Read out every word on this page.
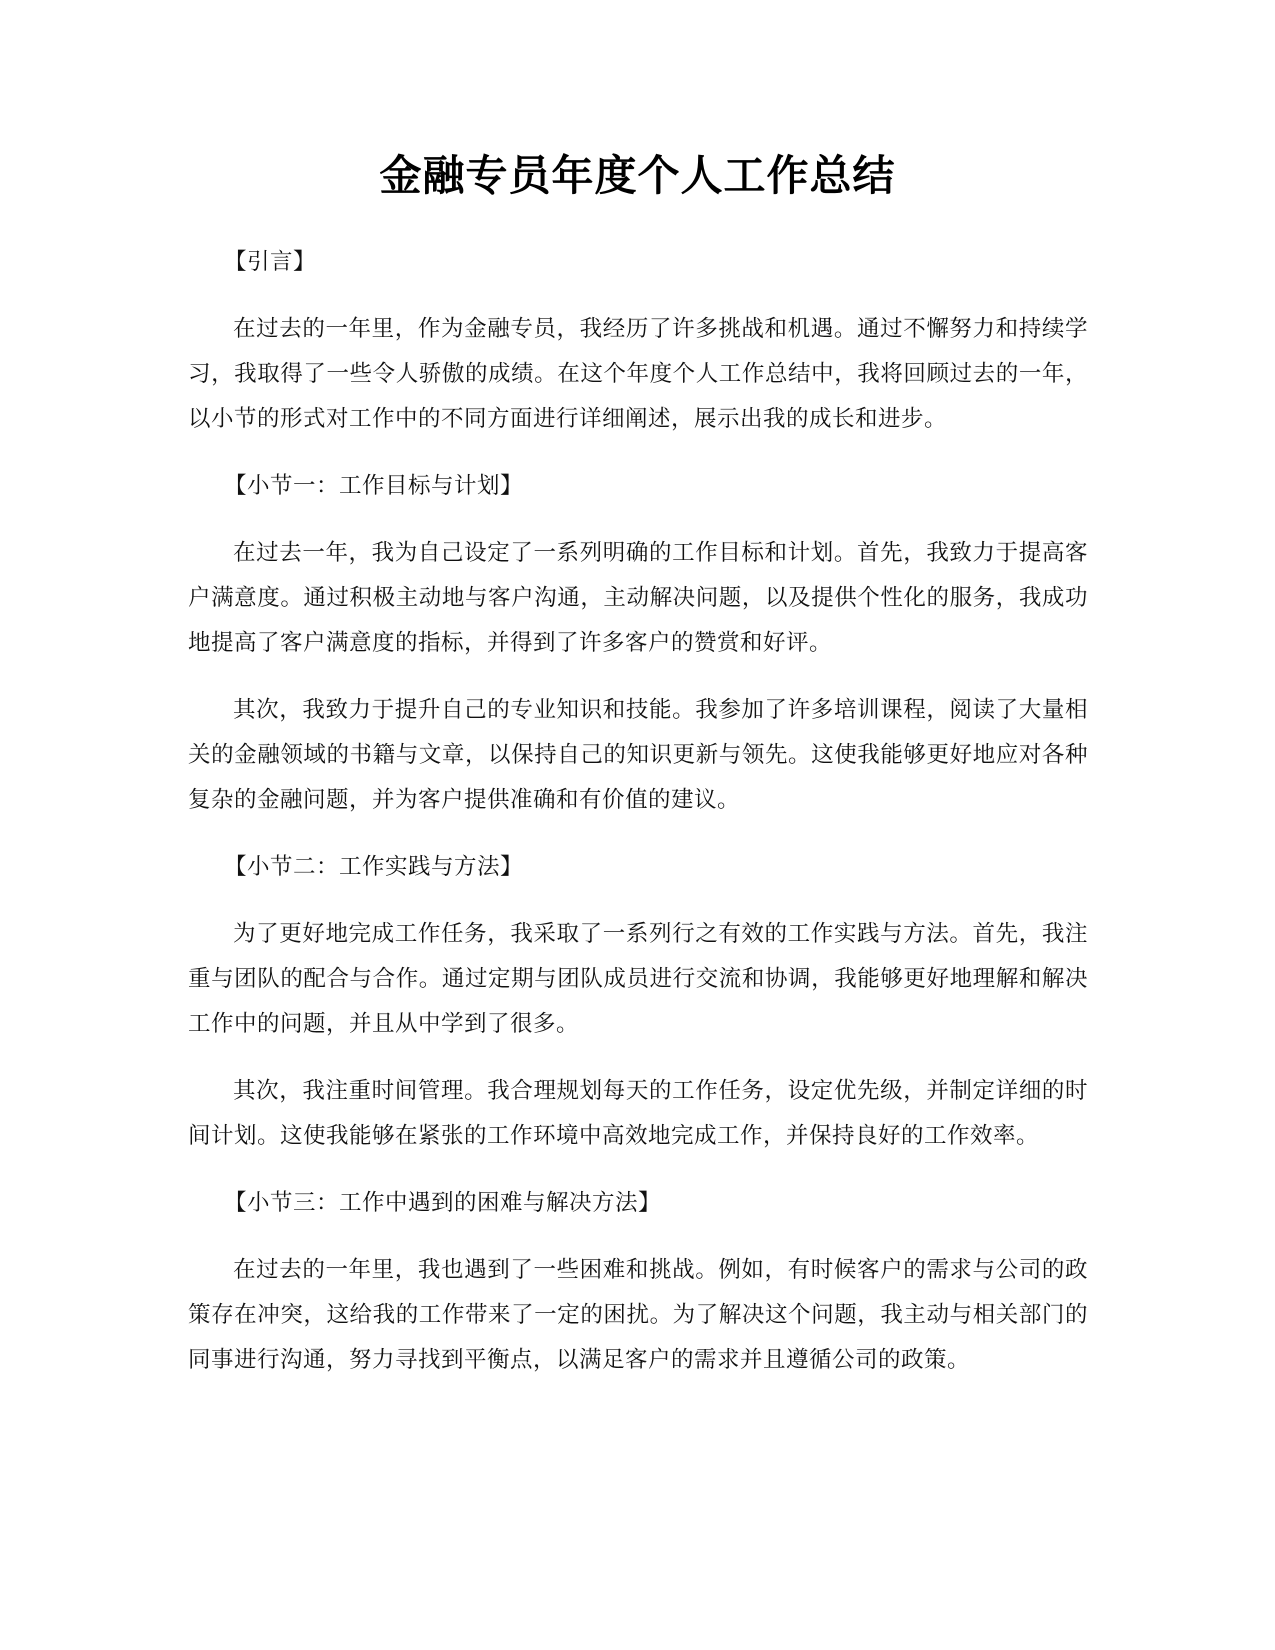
金融专员年度个人工作总结

【引言】

在过去的一年里，作为金融专员，我经历了许多挑战和机遇。通过不懈努力和持续学习，我取得了一些令人骄傲的成绩。在这个年度个人工作总结中，我将回顾过去的一年，以小节的形式对工作中的不同方面进行详细阐述，展示出我的成长和进步。

【小节一：工作目标与计划】

在过去一年，我为自己设定了一系列明确的工作目标和计划。首先，我致力于提高客户满意度。通过积极主动地与客户沟通，主动解决问题，以及提供个性化的服务，我成功地提高了客户满意度的指标，并得到了许多客户的赞赏和好评。

其次，我致力于提升自己的专业知识和技能。我参加了许多培训课程，阅读了大量相关的金融领域的书籍与文章，以保持自己的知识更新与领先。这使我能够更好地应对各种复杂的金融问题，并为客户提供准确和有价值的建议。

【小节二：工作实践与方法】

为了更好地完成工作任务，我采取了一系列行之有效的工作实践与方法。首先，我注重与团队的配合与合作。通过定期与团队成员进行交流和协调，我能够更好地理解和解决工作中的问题，并且从中学到了很多。

其次，我注重时间管理。我合理规划每天的工作任务，设定优先级，并制定详细的时间计划。这使我能够在紧张的工作环境中高效地完成工作，并保持良好的工作效率。

【小节三：工作中遇到的困难与解决方法】

在过去的一年里，我也遇到了一些困难和挑战。例如，有时候客户的需求与公司的政策存在冲突，这给我的工作带来了一定的困扰。为了解决这个问题，我主动与相关部门的同事进行沟通，努力寻找到平衡点，以满足客户的需求并且遵循公司的政策。
